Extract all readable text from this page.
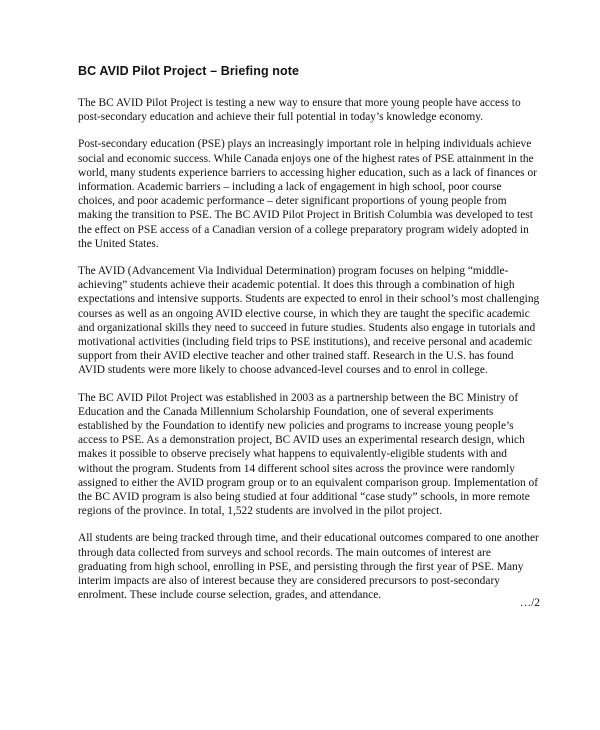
BC AVID Pilot Project – Briefing note

The BC AVID Pilot Project is testing a new way to ensure that more young people have access to post-secondary education and achieve their full potential in today’s knowledge economy.

Post-secondary education (PSE) plays an increasingly important role in helping individuals achieve social and economic success. While Canada enjoys one of the highest rates of PSE attainment in the world, many students experience barriers to accessing higher education, such as a lack of finances or information. Academic barriers – including a lack of engagement in high school, poor course choices, and poor academic performance – deter significant proportions of young people from making the transition to PSE. The BC AVID Pilot Project in British Columbia was developed to test the effect on PSE access of a Canadian version of a college preparatory program widely adopted in the United States.

The AVID (Advancement Via Individual Determination) program focuses on helping “middle-achieving” students achieve their academic potential. It does this through a combination of high expectations and intensive supports. Students are expected to enrol in their school’s most challenging courses as well as an ongoing AVID elective course, in which they are taught the specific academic and organizational skills they need to succeed in future studies. Students also engage in tutorials and motivational activities (including field trips to PSE institutions), and receive personal and academic support from their AVID elective teacher and other trained staff. Research in the U.S. has found AVID students were more likely to choose advanced-level courses and to enrol in college.

The BC AVID Pilot Project was established in 2003 as a partnership between the BC Ministry of Education and the Canada Millennium Scholarship Foundation, one of several experiments established by the Foundation to identify new policies and programs to increase young people’s access to PSE. As a demonstration project, BC AVID uses an experimental research design, which makes it possible to observe precisely what happens to equivalently-eligible students with and without the program. Students from 14 different school sites across the province were randomly assigned to either the AVID program group or to an equivalent comparison group. Implementation of the BC AVID program is also being studied at four additional “case study” schools, in more remote regions of the province. In total, 1,522 students are involved in the pilot project.

All students are being tracked through time, and their educational outcomes compared to one another through data collected from surveys and school records. The main outcomes of interest are graduating from high school, enrolling in PSE, and persisting through the first year of PSE. Many interim impacts are also of interest because they are considered precursors to post-secondary enrolment. These include course selection, grades, and attendance.

…/2
